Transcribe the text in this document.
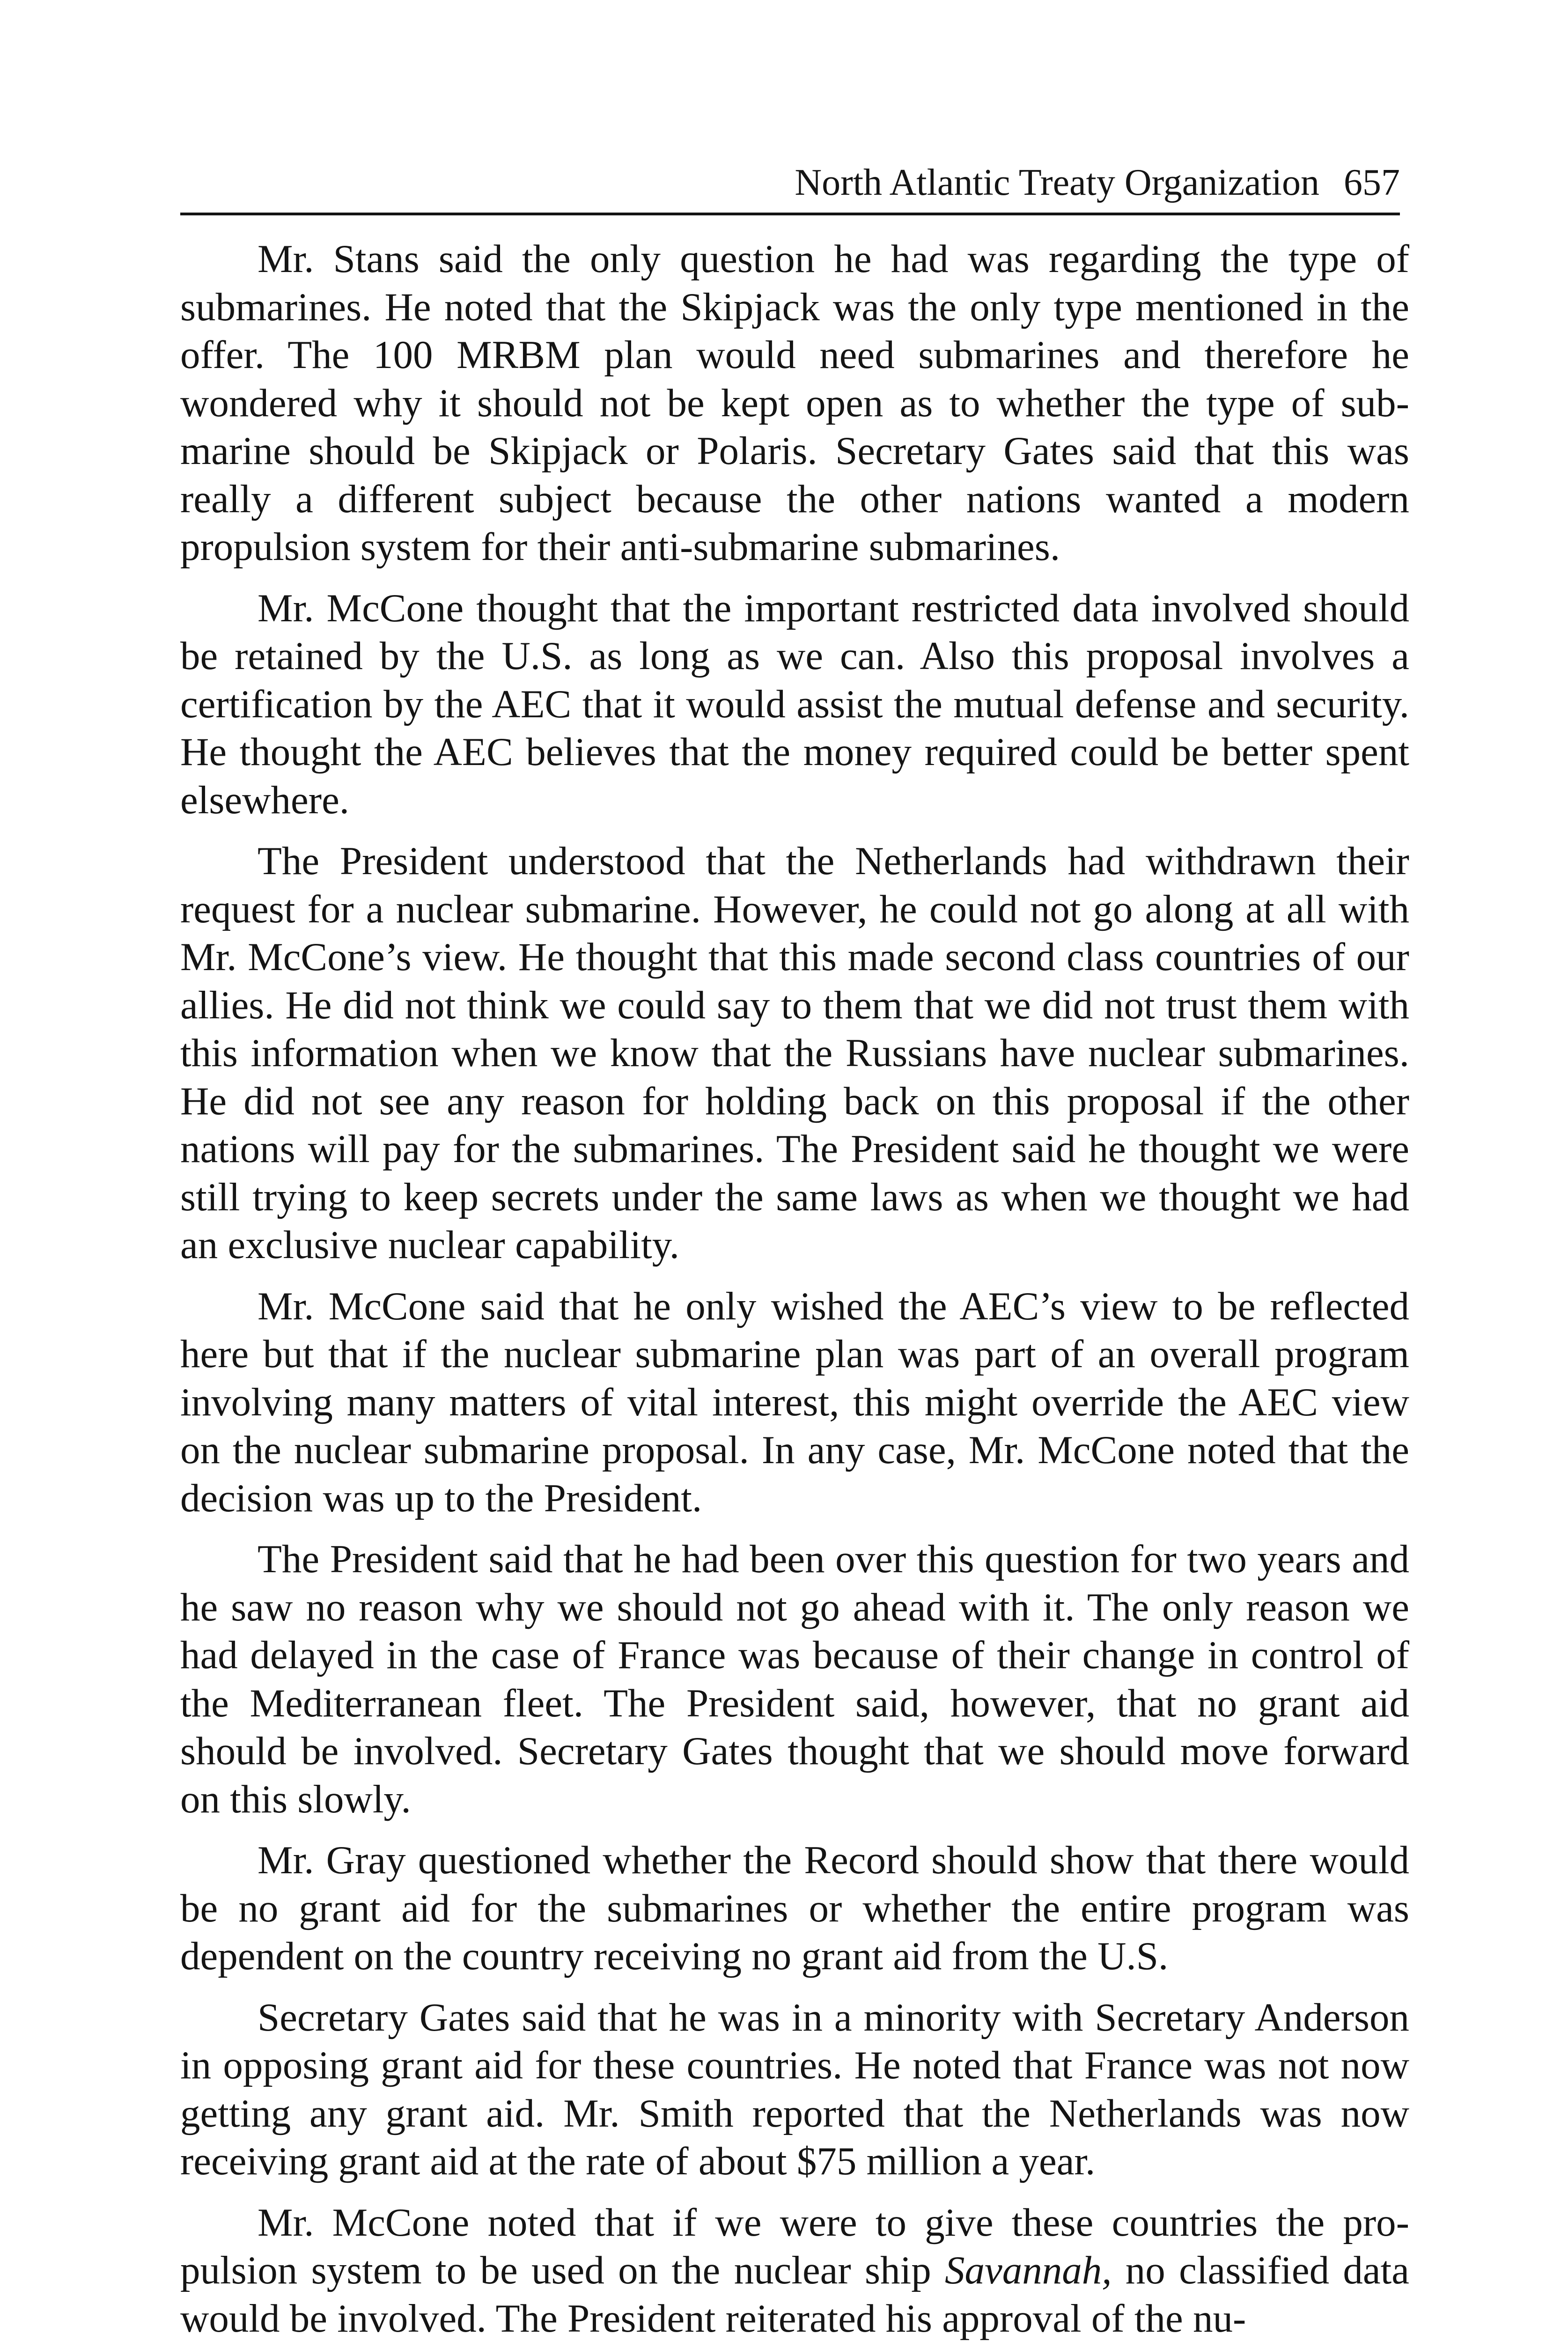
North Atlantic Treaty Organization 657

Mr. Stans said the only question he had was regarding the type of submarines. He noted that the Skipjack was the only type mentioned in the offer. The 100 MRBM plan would need submarines and therefore he wondered why it should not be kept open as to whether the type of submarine should be Skipjack or Polaris. Secretary Gates said that this was really a different subject because the other nations wanted a modern propulsion system for their anti-submarine submarines.

Mr. McCone thought that the important restricted data involved should be retained by the U.S. as long as we can. Also this proposal involves a certification by the AEC that it would assist the mutual defense and security. He thought the AEC believes that the money required could be better spent elsewhere.

The President understood that the Netherlands had withdrawn their request for a nuclear submarine. However, he could not go along at all with Mr. McCone’s view. He thought that this made second class countries of our allies. He did not think we could say to them that we did not trust them with this information when we know that the Russians have nuclear submarines. He did not see any reason for holding back on this proposal if the other nations will pay for the submarines. The President said he thought we were still trying to keep secrets under the same laws as when we thought we had an exclusive nuclear capability.

Mr. McCone said that he only wished the AEC’s view to be reflected here but that if the nuclear submarine plan was part of an overall program involving many matters of vital interest, this might override the AEC view on the nuclear submarine proposal. In any case, Mr. McCone noted that the decision was up to the President.

The President said that he had been over this question for two years and he saw no reason why we should not go ahead with it. The only reason we had delayed in the case of France was because of their change in control of the Mediterranean fleet. The President said, however, that no grant aid should be involved. Secretary Gates thought that we should move forward on this slowly.

Mr. Gray questioned whether the Record should show that there would be no grant aid for the submarines or whether the entire program was dependent on the country receiving no grant aid from the U.S.

Secretary Gates said that he was in a minority with Secretary Anderson in opposing grant aid for these countries. He noted that France was not now getting any grant aid. Mr. Smith reported that the Netherlands was now receiving grant aid at the rate of about $75 million a year.

Mr. McCone noted that if we were to give these countries the propulsion system to be used on the nuclear ship Savannah, no classified data would be involved. The President reiterated his approval of the nu-
